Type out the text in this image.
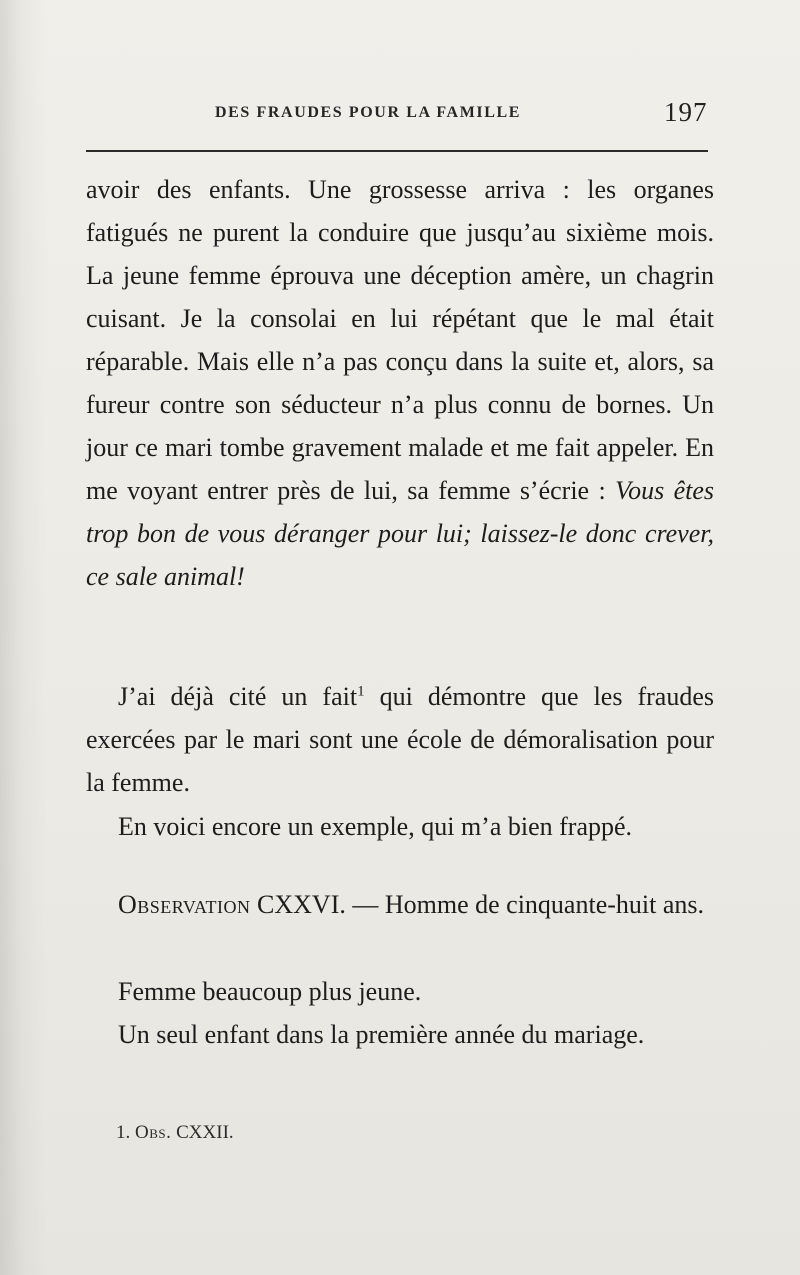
DES FRAUDES POUR LA FAMILLE	197
avoir des enfants. Une grossesse arriva : les organes fatigués ne purent la conduire que jusqu’au sixième mois. La jeune femme éprouva une déception amère, un chagrin cuisant. Je la consolai en lui répétant que le mal était réparable. Mais elle n’a pas conçu dans la suite et, alors, sa fureur contre son séducteur n’a plus connu de bornes. Un jour ce mari tombe gravement malade et me fait appeler. En me voyant entrer près de lui, sa femme s’écrie : Vous êtes trop bon de vous déranger pour lui; laissez-le donc crever, ce sale animal!
J’ai déjà cité un fait$^1$ qui démontre que les fraudes exercées par le mari sont une école de démoralisation pour la femme.
En voici encore un exemple, qui m’a bien frappé.
Observation CXXVI. — Homme de cinquante-huit ans.
Femme beaucoup plus jeune.
Un seul enfant dans la première année du mariage.
1. Obs. CXXII.
